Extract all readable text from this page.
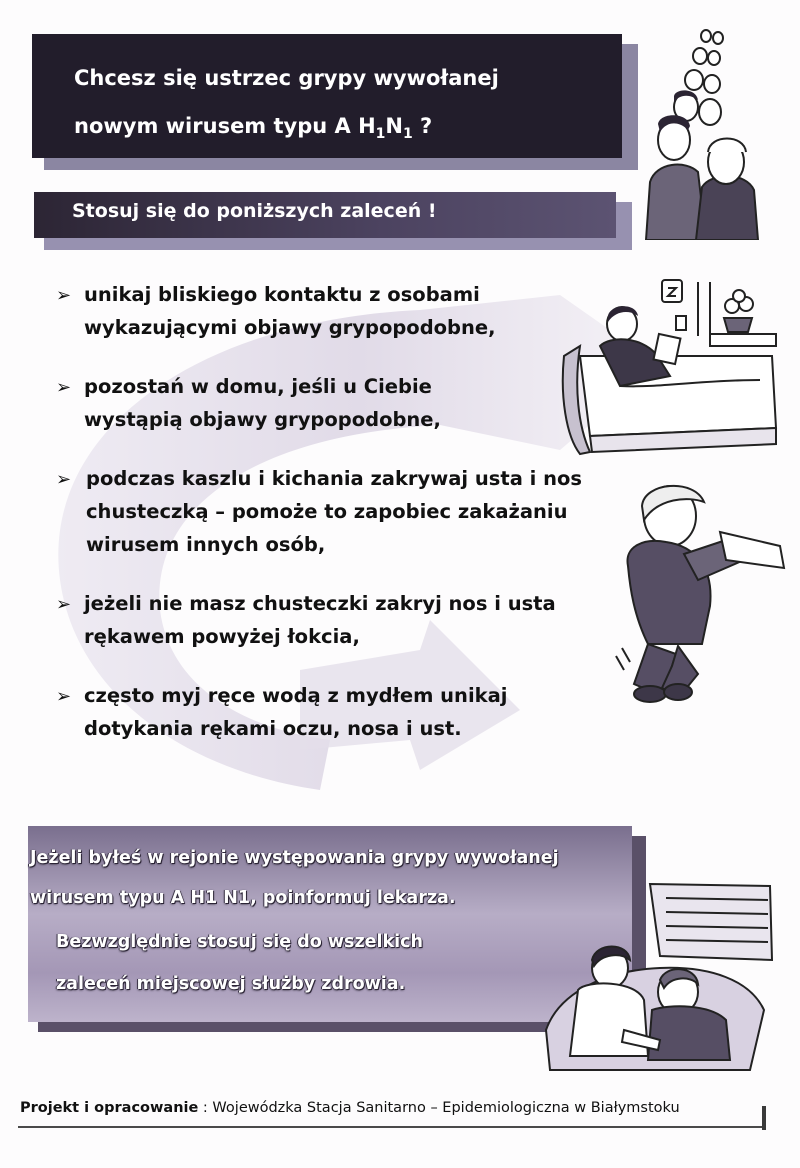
Chcesz się ustrzec grypy wywołanej
nowym wirusem typu A $H_1N_1$ ?
Stosuj się do poniższych zaleceń !
➢ unikaj bliskiego kontaktu z osobami
wykazującymi objawy grypopodobne,
➢ pozostań w domu, jeśli u Ciebie
wystąpią objawy grypopodobne,
➢ podczas kaszlu i kichania zakrywaj usta i nos
chusteczką – pomoże to zapobiec zakażaniu
wirusem innych osób,
➢ jeżeli nie masz chusteczki zakryj nos i usta
rękawem powyżej łokcia,
➢ często myj ręce wodą z mydłem unikaj
dotykania rękami oczu, nosa i ust.
Jeżeli byłeś w rejonie występowania grypy wywołanej
wirusem typu A H1 N1, poinformuj lekarza.
Bezwzględnie stosuj się do wszelkich
zaleceń miejscowej służby zdrowia.
Projekt i opracowanie : Wojewódzka Stacja Sanitarno – Epidemiologiczna w Białymstoku
